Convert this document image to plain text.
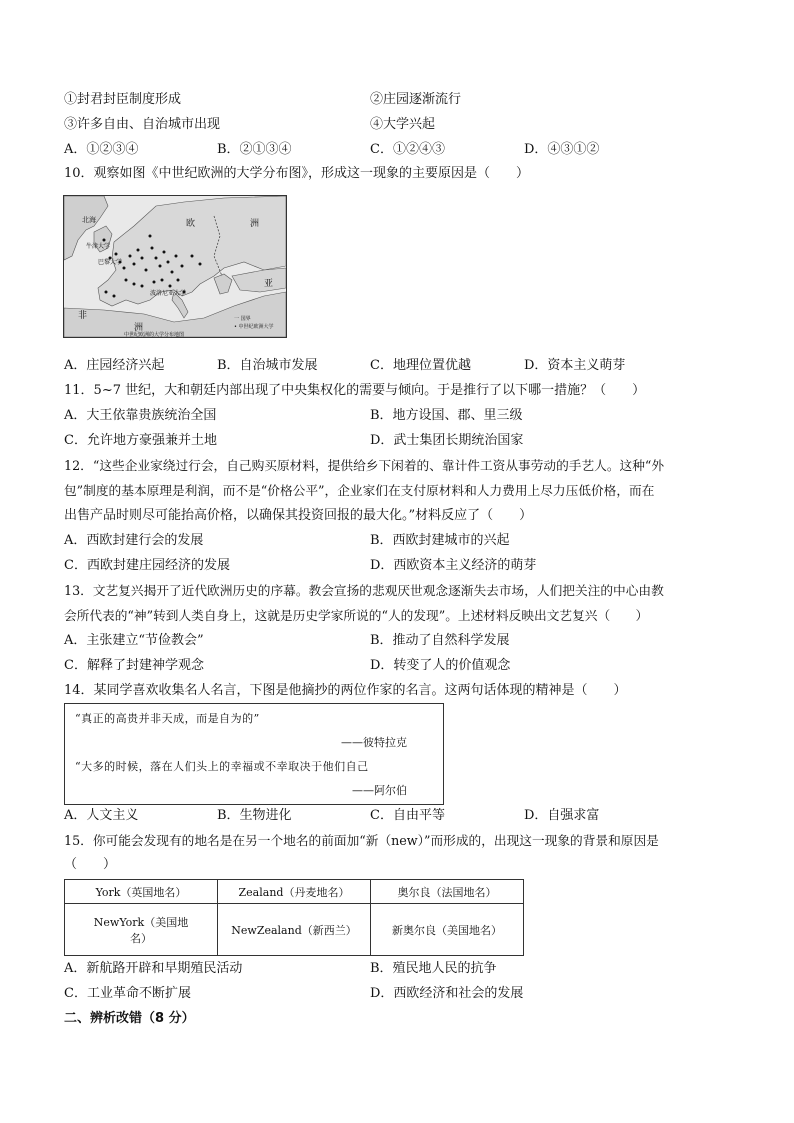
①封君封臣制度形成	②庄园逐渐流行
③许多自由、自治城市出现	④大学兴起
A．①②③④	B．②①③④	C．①②④③	D．④③①②
10．观察如图《中世纪欧洲的大学分布图》，形成这一现象的主要原因是（　　）
北海
牛津大学
巴黎大学
波洛尼亚大学
欧	洲
非
洲
亚
一 国界
• 中世纪欧洲大学
中世纪欧洲的大学分布地图
A．庄园经济兴起	B．自治城市发展	C．地理位置优越	D．资本主义萌芽
11．5~7 世纪，大和朝廷内部出现了中央集权化的需要与倾向。于是推行了以下哪一措施？（　　）
A．大王依靠贵族统治全国	B．地方设国、郡、里三级
C．允许地方豪强兼并土地	D．武士集团长期统治国家
12．“这些企业家绕过行会，自己购买原材料，提供给乡下闲着的、靠计件工资从事劳动的手艺人。这种“外
包”制度的基本原理是利润，而不是“价格公平”，企业家们在支付原材料和人力费用上尽力压低价格，而在
出售产品时则尽可能抬高价格，以确保其投资回报的最大化。”材料反应了（　　）
A．西欧封建行会的发展	B．西欧封建城市的兴起
C．西欧封建庄园经济的发展	D．西欧资本主义经济的萌芽
13．文艺复兴揭开了近代欧洲历史的序幕。教会宣扬的悲观厌世观念逐渐失去市场，人们把关注的中心由教
会所代表的“神”转到人类自身上，这就是历史学家所说的“人的发现”。上述材料反映出文艺复兴（　　）
A．主张建立“节俭教会”	B．推动了自然科学发展
C．解释了封建神学观念	D．转变了人的价值观念
14．某同学喜欢收集名人名言，下图是他摘抄的两位作家的名言。这两句话体现的精神是（　　）
“真正的高贵并非天成，而是自为的”
——彼特拉克
“大多的时候，落在人们头上的幸福或不幸取决于他们自己
——阿尔伯
A．人文主义	B．生物进化	C．自由平等	D．自强求富
15．你可能会发现有的地名是在另一个地名的前面加“新（new）”而形成的，出现这一现象的背景和原因是
（　　）
York（英国地名）	Zealand（丹麦地名）	奥尔良（法国地名）

NewYork（美国地
名）	NewZealand（新西兰）	新奥尔良（美国地名）
A．新航路开辟和早期殖民活动	B．殖民地人民的抗争
C．工业革命不断扩展	D．西欧经济和社会的发展
二、辨析改错（8 分）
